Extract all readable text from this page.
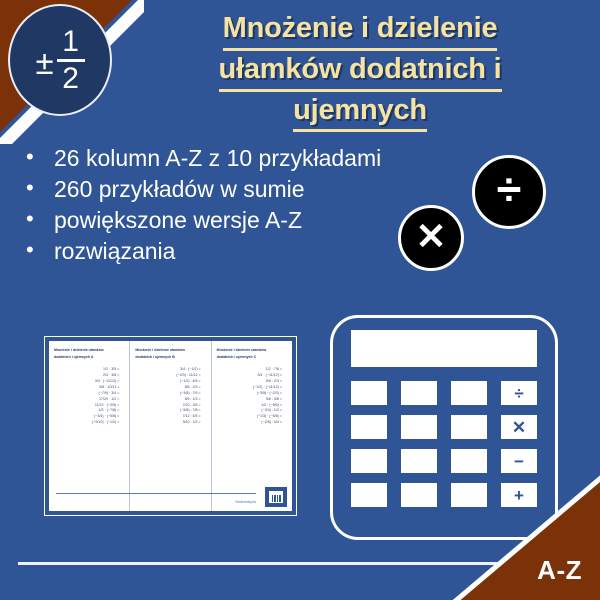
± $\frac{1}{2}$	Mnożenie i dzielenie
ułamków dodatnich i
ujemnych
• 26 kolumn A-Z z 10 przykładami
• 260 przykładów w sumie
• powiększone wersje A-Z
• rozwiązania
÷
✕
Mnożenie i dzielenie ułamków
dodatnich i ujemnych A
1/2 · 3/5 =
2/3 · 3/8 =
3/4 · (−11/12) =
5/6 · 10/11 =
(−7/9) · 3/4 =
17/20 · 1/2 =
11/12 · (−2/5) =
1/3 · (−7/8) =
(−3/4) · (−5/6) =
(−9/10) · (−1/2) =
Mnożenie i dzielenie ułamków
dodatnich i ujemnych B
3/4 : (−1/2) =
(−2/3) : 11/12 =
(−1/2) : 4/5 =
5/6 : 2/3 =
(−3/8) : 7/9 =
5/9 : 1/3 =
7/10 : 3/5 =
(−5/6) : 7/8 =
7/12 : 4/5 =
9/10 : 1/2 =
Mnożenie i dzielenie ułamków
dodatnich i ujemnych C
1/2 · 7/8 =
3/4 · (−11/12) =
5/6 : 2/3 =
(−1/2) · (−11/12) =
(−3/5) · (−2/3) =
5/6 : 3/8 =
1/2 · (−5/6) =
(−3/4) : 1/2 =
(−1/3) · (−5/6) =
(−2/5) : 3/4 =
Matematyka
÷
✕
−
+
A-Z
